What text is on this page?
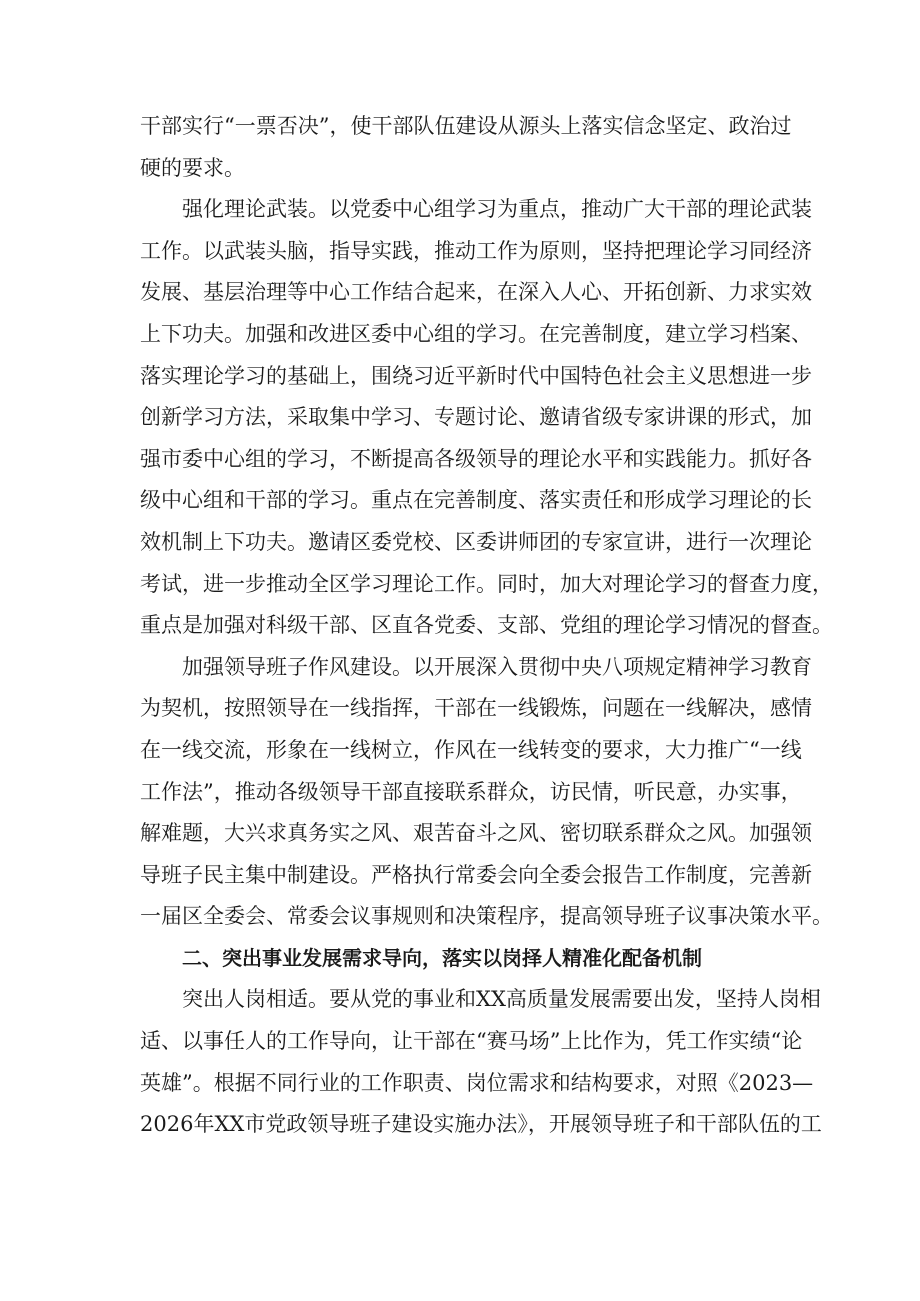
干部实行“一票否决”，使干部队伍建设从源头上落实信念坚定、政治过
硬的要求。
强化理论武装。以党委中心组学习为重点，推动广大干部的理论武装
工作。以武装头脑，指导实践，推动工作为原则，坚持把理论学习同经济
发展、基层治理等中心工作结合起来，在深入人心、开拓创新、力求实效
上下功夫。加强和改进区委中心组的学习。在完善制度，建立学习档案、
落实理论学习的基础上，围绕习近平新时代中国特色社会主义思想进一步
创新学习方法，采取集中学习、专题讨论、邀请省级专家讲课的形式，加
强市委中心组的学习，不断提高各级领导的理论水平和实践能力。抓好各
级中心组和干部的学习。重点在完善制度、落实责任和形成学习理论的长
效机制上下功夫。邀请区委党校、区委讲师团的专家宣讲，进行一次理论
考试，进一步推动全区学习理论工作。同时，加大对理论学习的督查力度，
重点是加强对科级干部、区直各党委、支部、党组的理论学习情况的督查。
加强领导班子作风建设。以开展深入贯彻中央八项规定精神学习教育
为契机，按照领导在一线指挥，干部在一线锻炼，问题在一线解决，感情
在一线交流，形象在一线树立，作风在一线转变的要求，大力推广“一线
工作法”，推动各级领导干部直接联系群众，访民情，听民意，办实事，
解难题，大兴求真务实之风、艰苦奋斗之风、密切联系群众之风。加强领
导班子民主集中制建设。严格执行常委会向全委会报告工作制度，完善新
一届区全委会、常委会议事规则和决策程序，提高领导班子议事决策水平。
二、突出事业发展需求导向，落实以岗择人精准化配备机制
突出人岗相适。要从党的事业和XX高质量发展需要出发，坚持人岗相
适、以事任人的工作导向，让干部在“赛马场”上比作为，凭工作实绩“论
英雄”。根据不同行业的工作职责、岗位需求和结构要求，对照《2023—
2026年XX市党政领导班子建设实施办法》，开展领导班子和干部队伍的工
